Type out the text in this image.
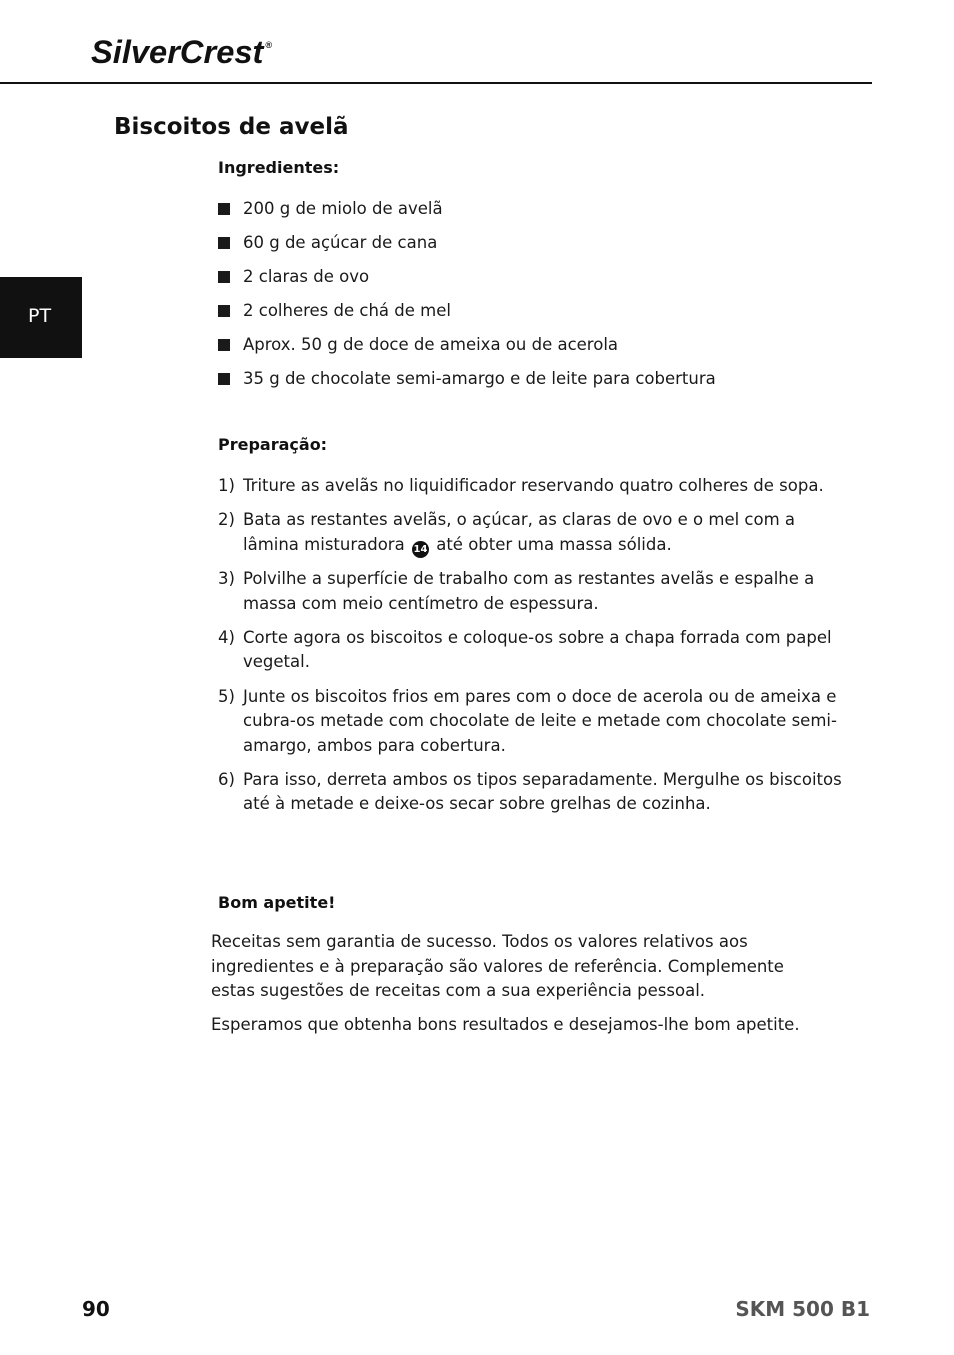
SilverCrest ®
PT
Biscoitos de avelã
Ingredientes:
200 g de miolo de avelã
60 g de açúcar de cana
2 claras de ovo
2 colheres de chá de mel
Aprox. 50 g de doce de ameixa ou de acerola
35 g de chocolate semi-amargo e de leite para cobertura
Preparação:
1) Triture as avelãs no liquidificador reservando quatro colheres de sopa.
2) Bata as restantes avelãs, o açúcar, as claras de ovo e o mel com a lâmina misturadora 14 até obter uma massa sólida.
3) Polvilhe a superfície de trabalho com as restantes avelãs e espalhe a massa com meio centímetro de espessura.
4) Corte agora os biscoitos e coloque-os sobre a chapa forrada com papel vegetal.
5) Junte os biscoitos frios em pares com o doce de acerola ou de ameixa e cubra-os metade com chocolate de leite e metade com chocolate semi-amargo, ambos para cobertura.
6) Para isso, derreta ambos os tipos separadamente. Mergulhe os biscoitos até à metade e deixe-os secar sobre grelhas de cozinha.
Bom apetite!

Receitas sem garantia de sucesso. Todos os valores relativos aos ingredientes e à preparação são valores de referência. Complemente estas sugestões de receitas com a sua experiência pessoal.

Esperamos que obtenha bons resultados e desejamos-lhe bom apetite.

90	SKM 500 B1
